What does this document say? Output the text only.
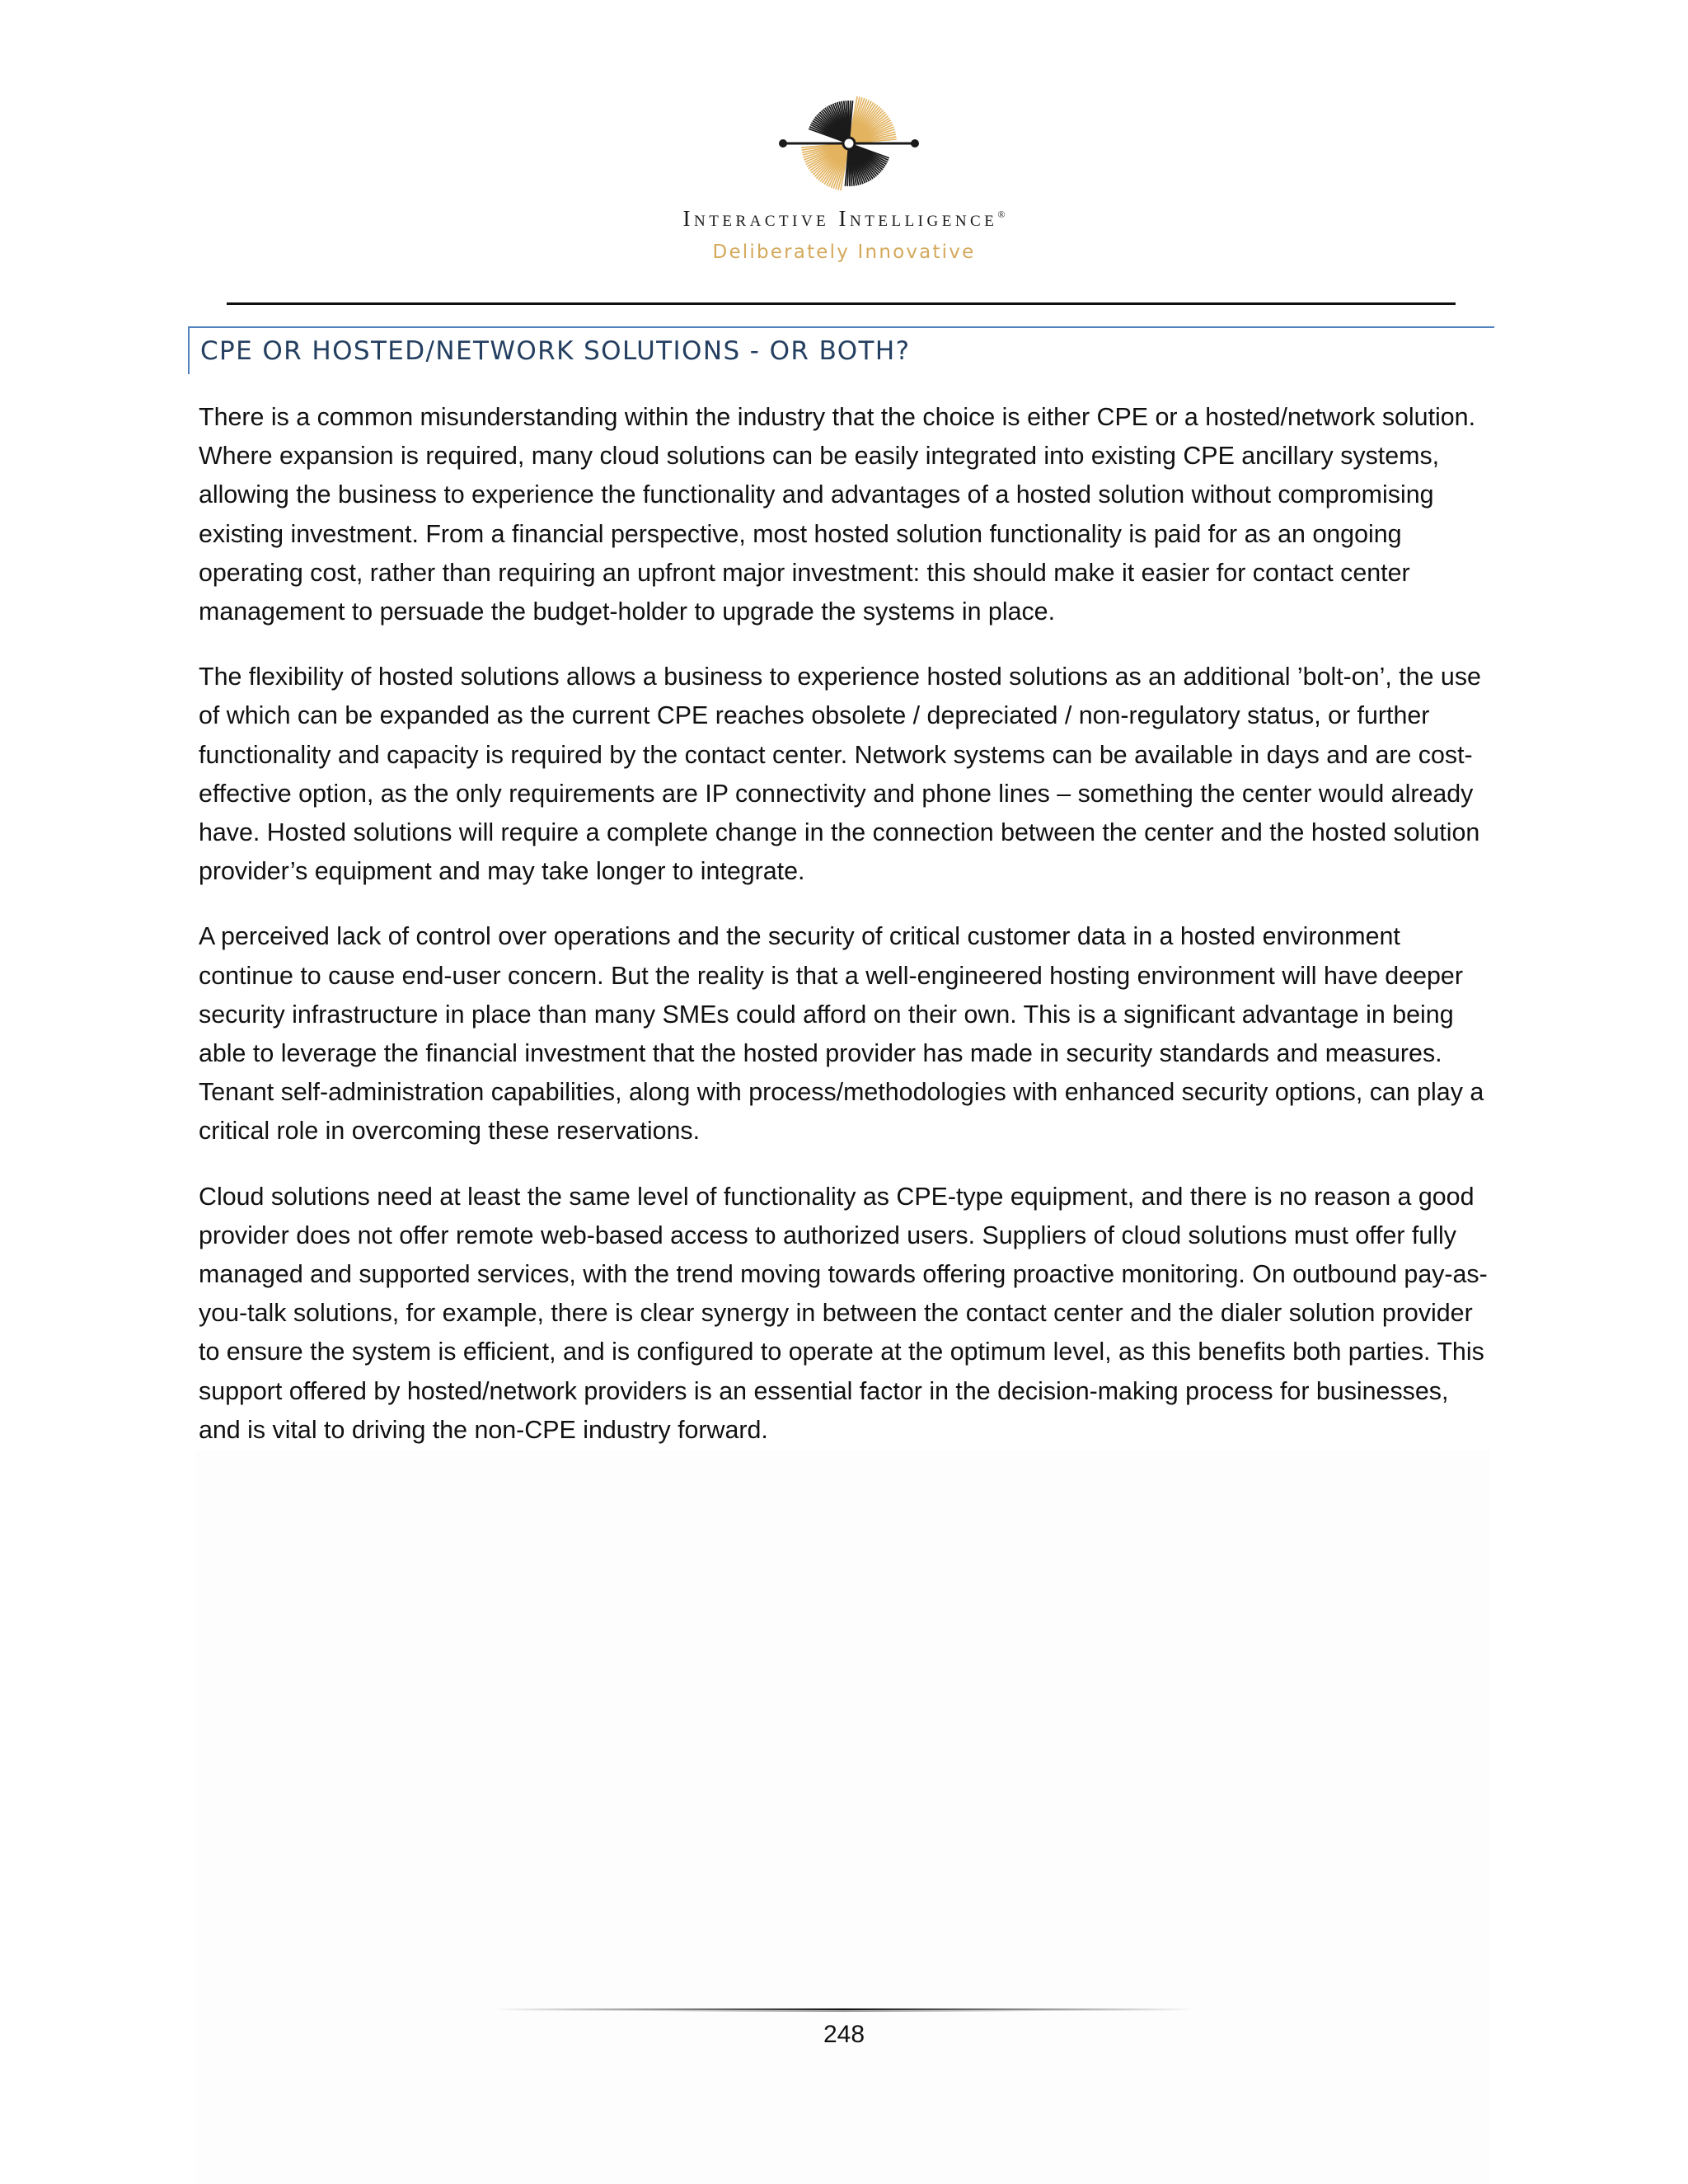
Interactive Intelligence®
Deliberately Innovative
CPE OR HOSTED/NETWORK SOLUTIONS - OR BOTH?

There is a common misunderstanding within the industry that the choice is either CPE or a hosted/network solution. Where expansion is required, many cloud solutions can be easily integrated into existing CPE ancillary systems, allowing the business to experience the functionality and advantages of a hosted solution without compromising existing investment. From a financial perspective, most hosted solution functionality is paid for as an ongoing operating cost, rather than requiring an upfront major investment: this should make it easier for contact center management to persuade the budget-holder to upgrade the systems in place.

The flexibility of hosted solutions allows a business to experience hosted solutions as an additional ’bolt-on’, the use of which can be expanded as the current CPE reaches obsolete / depreciated / non-regulatory status, or further functionality and capacity is required by the contact center. Network systems can be available in days and are cost-effective option, as the only requirements are IP connectivity and phone lines – something the center would already have. Hosted solutions will require a complete change in the connection between the center and the hosted solution provider’s equipment and may take longer to integrate.

A perceived lack of control over operations and the security of critical customer data in a hosted environment continue to cause end-user concern. But the reality is that a well-engineered hosting environment will have deeper security infrastructure in place than many SMEs could afford on their own. This is a significant advantage in being able to leverage the financial investment that the hosted provider has made in security standards and measures. Tenant self-administration capabilities, along with process/methodologies with enhanced security options, can play a critical role in overcoming these reservations.

Cloud solutions need at least the same level of functionality as CPE-type equipment, and there is no reason a good provider does not offer remote web-based access to authorized users. Suppliers of cloud solutions must offer fully managed and supported services, with the trend moving towards offering proactive monitoring. On outbound pay-as-you-talk solutions, for example, there is clear synergy in between the contact center and the dialer solution provider to ensure the system is efficient, and is configured to operate at the optimum level, as this benefits both parties. This support offered by hosted/network providers is an essential factor in the decision-making process for businesses, and is vital to driving the non-CPE industry forward.

248
